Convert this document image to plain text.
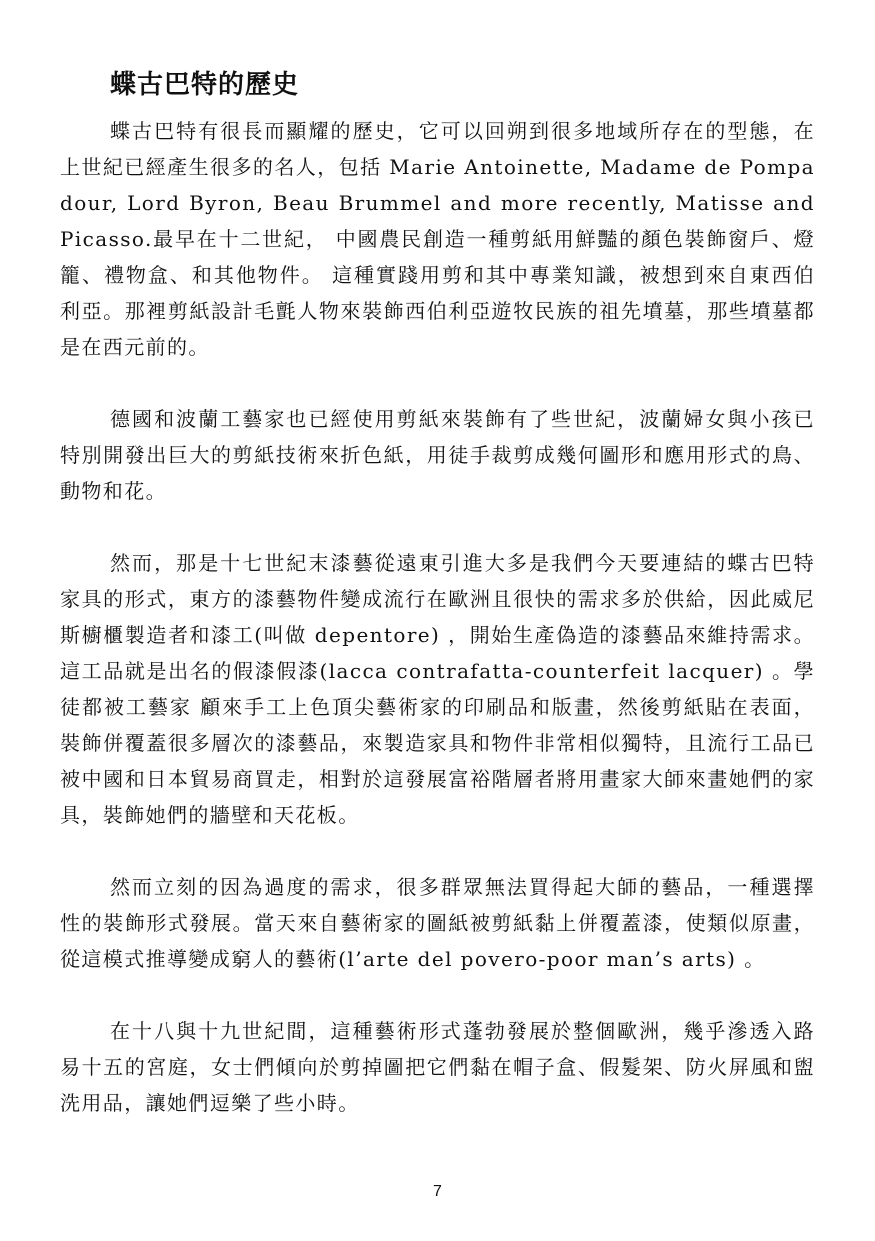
蝶古巴特的歷史

蝶古巴特有很長而顯耀的歷史，它可以回朔到很多地域所存在的型態，在上世紀已經產生很多的名人，包括 Marie Antoinette, Madame de Pompadour, Lord Byron, Beau Brummel and more recently, Matisse and Picasso.最早在十二世紀， 中國農民創造一種剪紙用鮮豔的顏色裝飾窗戶、燈籠、禮物盒、和其他物件。 這種實踐用剪和其中專業知識，被想到來自東西伯利亞。那裡剪紙設計毛氈人物來裝飾西伯利亞遊牧民族的祖先墳墓，那些墳墓都是在西元前的。

德國和波蘭工藝家也已經使用剪紙來裝飾有了些世紀，波蘭婦女與小孩已特別開發出巨大的剪紙技術來折色紙，用徒手裁剪成幾何圖形和應用形式的鳥、動物和花。

然而，那是十七世紀末漆藝從遠東引進大多是我們今天要連結的蝶古巴特家具的形式，東方的漆藝物件變成流行在歐洲且很快的需求多於供給，因此威尼斯櫥櫃製造者和漆工(叫做 depentore) ，開始生產偽造的漆藝品來維持需求。這工品就是出名的假漆假漆(lacca contrafatta-counterfeit lacquer) 。學徒都被工藝家 顧來手工上色頂尖藝術家的印刷品和版畫，然後剪紙貼在表面，裝飾併覆蓋很多層次的漆藝品，來製造家具和物件非常相似獨特，且流行工品已被中國和日本貿易商買走，相對於這發展富裕階層者將用畫家大師來畫她們的家具，裝飾她們的牆壁和天花板。

然而立刻的因為過度的需求，很多群眾無法買得起大師的藝品，一種選擇性的裝飾形式發展。當天來自藝術家的圖紙被剪紙黏上併覆蓋漆，使類似原畫，從這模式推導變成窮人的藝術(l’arte del povero-poor man’s arts) 。

在十八與十九世紀間，這種藝術形式蓬勃發展於整個歐洲，幾乎滲透入路易十五的宮庭，女士們傾向於剪掉圖把它們黏在帽子盒、假髮架、防火屏風和盥洗用品，讓她們逗樂了些小時。

7
